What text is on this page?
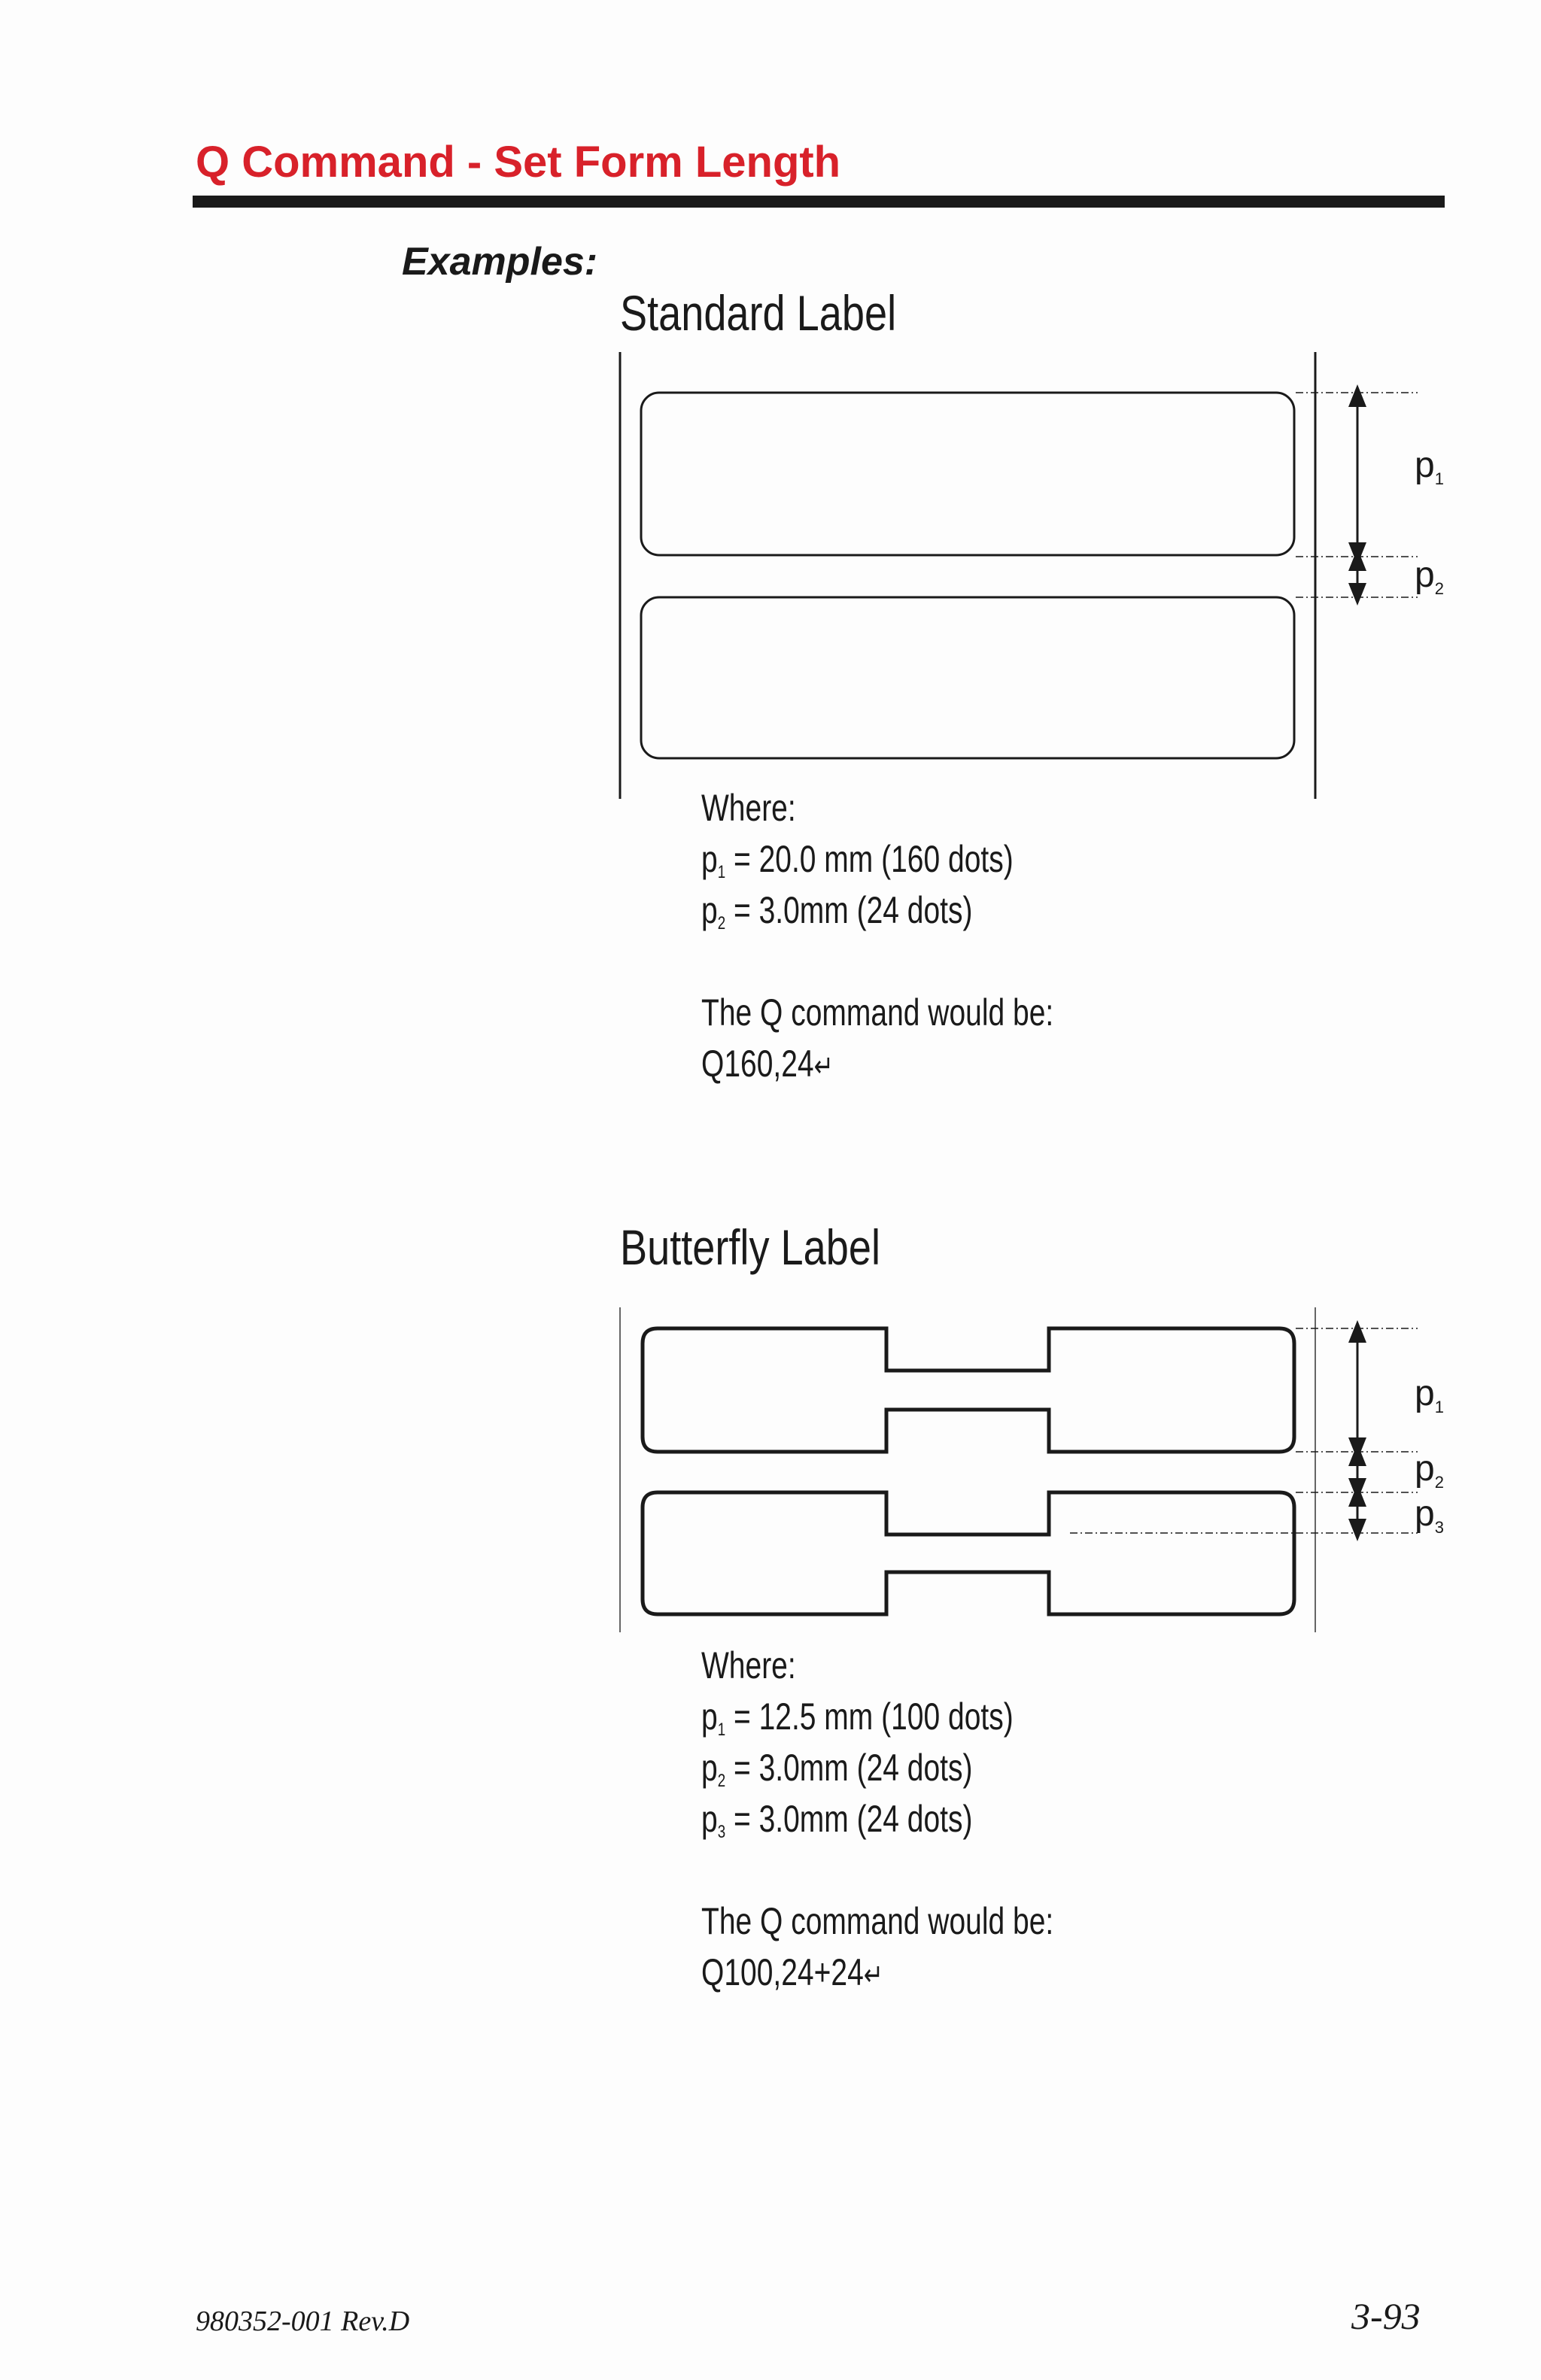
Q Command - Set Form Length
Examples:
Standard Label
$p_1$
$p_2$
$p_1$
$p_2$
$p_3$
Where:
$p_1 = 20.0$ mm (160 dots)
$p_2 = 3.0mm$ (24 dots)
The Q command would be:
Q160,24↵
Butterfly Label
Where:
$p_1 = 12.5$ mm (100 dots)
$p_2 = 3.0mm$ (24 dots)
$p_3 = 3.0mm$ (24 dots)
The Q command would be:
Q100,24+24↵
980352-001 Rev.D	3-93
